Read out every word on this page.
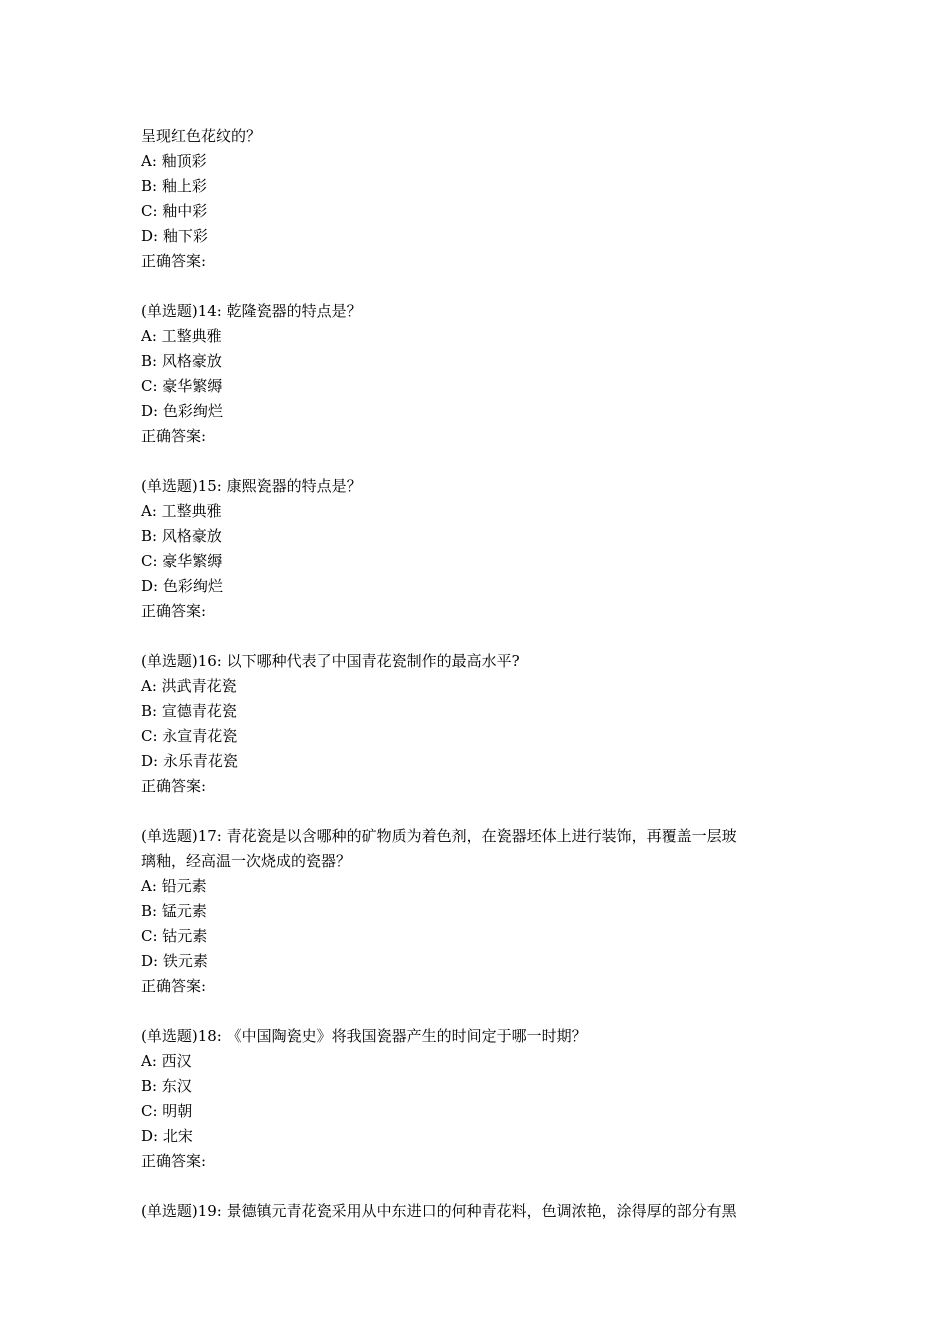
呈现红色花纹的？
A: 釉顶彩
B: 釉上彩
C: 釉中彩
D: 釉下彩
正确答案:
(单选题)14: 乾隆瓷器的特点是？
A: 工整典雅
B: 风格豪放
C: 豪华繁缛
D: 色彩绚烂
正确答案:
(单选题)15: 康熙瓷器的特点是？
A: 工整典雅
B: 风格豪放
C: 豪华繁缛
D: 色彩绚烂
正确答案:
(单选题)16: 以下哪种代表了中国青花瓷制作的最高水平?
A: 洪武青花瓷
B: 宣德青花瓷
C: 永宣青花瓷
D: 永乐青花瓷
正确答案:
(单选题)17: 青花瓷是以含哪种的矿物质为着色剂，在瓷器坯体上进行装饰，再覆盖一层玻
璃釉，经高温一次烧成的瓷器？
A: 铅元素
B: 锰元素
C: 钴元素
D: 铁元素
正确答案:
(单选题)18: 《中国陶瓷史》将我国瓷器产生的时间定于哪一时期？
A: 西汉
B: 东汉
C: 明朝
D: 北宋
正确答案:
(单选题)19: 景德镇元青花瓷采用从中东进口的何种青花料，色调浓艳，涂得厚的部分有黑
